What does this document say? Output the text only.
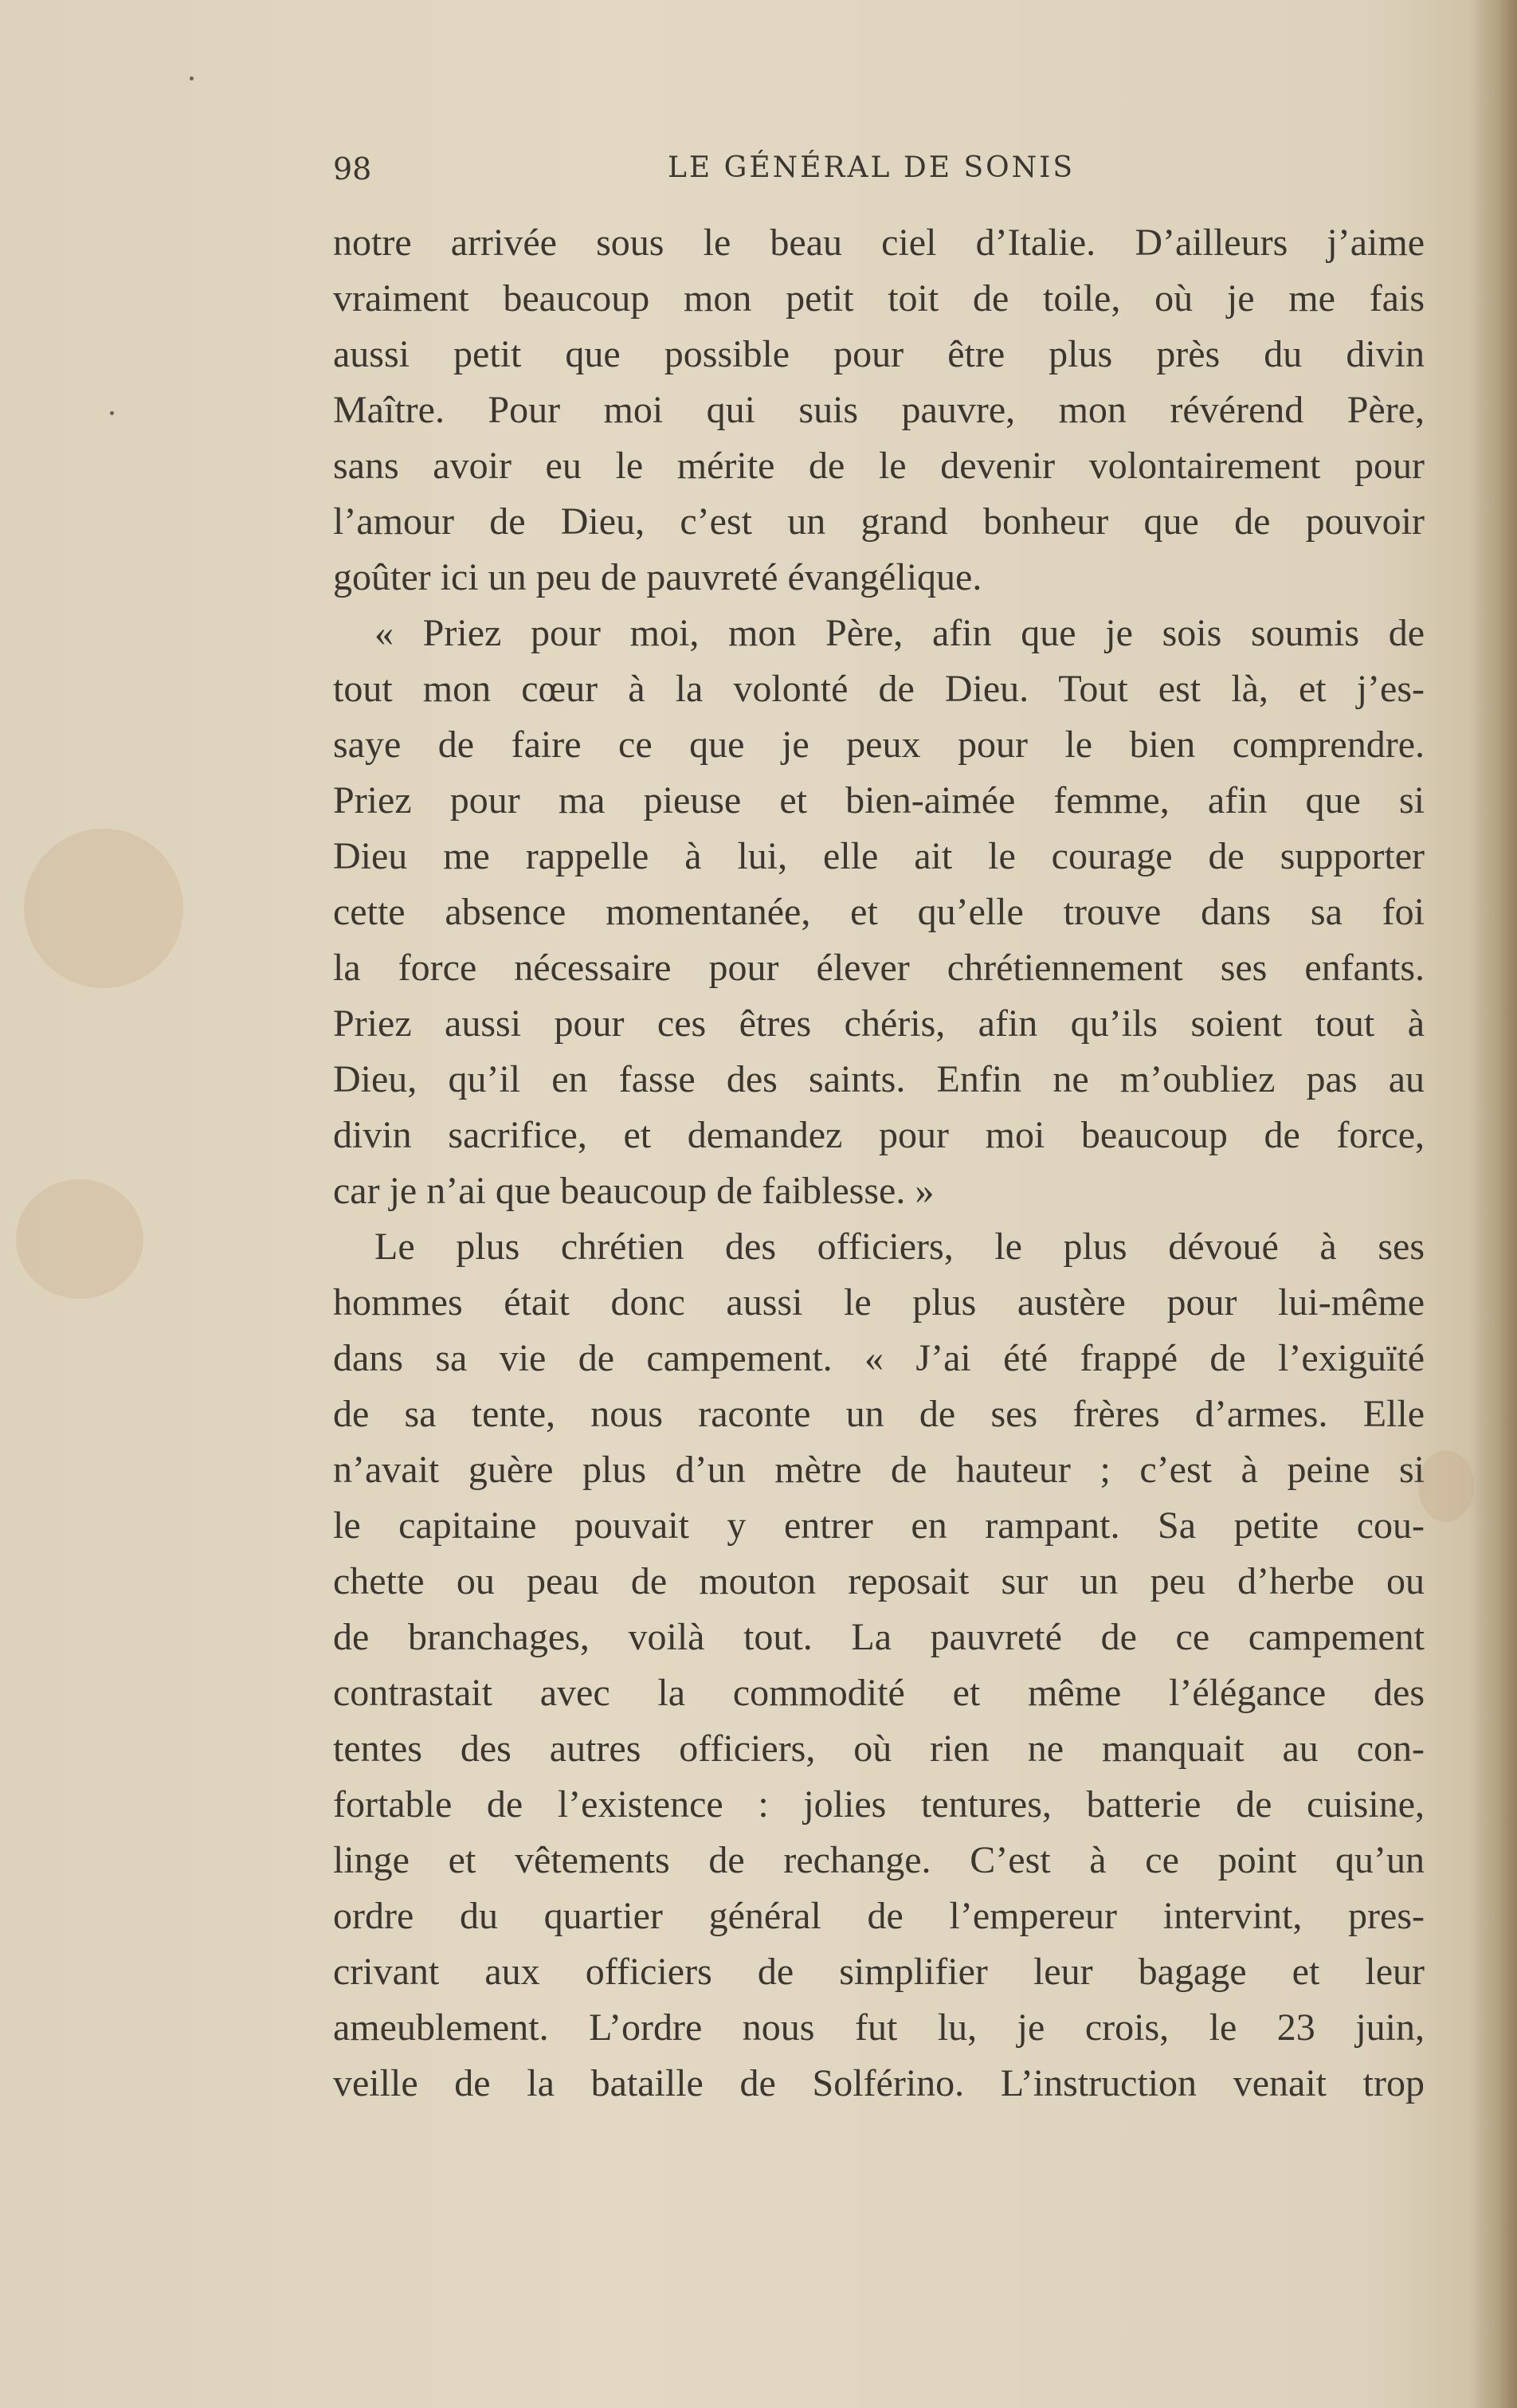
98	LE GÉNÉRAL DE SONIS
notre arrivée sous le beau ciel d’Italie. D’ailleurs j’aime
vraiment beaucoup mon petit toit de toile, où je me fais
aussi petit que possible pour être plus près du divin
Maître. Pour moi qui suis pauvre, mon révérend Père,
sans avoir eu le mérite de le devenir volontairement pour
l’amour de Dieu, c’est un grand bonheur que de pouvoir
goûter ici un peu de pauvreté évangélique.
« Priez pour moi, mon Père, afin que je sois soumis de
tout mon cœur à la volonté de Dieu. Tout est là, et j’es-
saye de faire ce que je peux pour le bien comprendre.
Priez pour ma pieuse et bien-aimée femme, afin que si
Dieu me rappelle à lui, elle ait le courage de supporter
cette absence momentanée, et qu’elle trouve dans sa foi
la force nécessaire pour élever chrétiennement ses enfants.
Priez aussi pour ces êtres chéris, afin qu’ils soient tout à
Dieu, qu’il en fasse des saints. Enfin ne m’oubliez pas au
divin sacrifice, et demandez pour moi beaucoup de force,
car je n’ai que beaucoup de faiblesse. »
Le plus chrétien des officiers, le plus dévoué à ses
hommes était donc aussi le plus austère pour lui-même
dans sa vie de campement. « J’ai été frappé de l’exiguïté
de sa tente, nous raconte un de ses frères d’armes. Elle
n’avait guère plus d’un mètre de hauteur ; c’est à peine si
le capitaine pouvait y entrer en rampant. Sa petite cou-
chette ou peau de mouton reposait sur un peu d’herbe ou
de branchages, voilà tout. La pauvreté de ce campement
contrastait avec la commodité et même l’élégance des
tentes des autres officiers, où rien ne manquait au con-
fortable de l’existence : jolies tentures, batterie de cuisine,
linge et vêtements de rechange. C’est à ce point qu’un
ordre du quartier général de l’empereur intervint, pres-
crivant aux officiers de simplifier leur bagage et leur
ameublement. L’ordre nous fut lu, je crois, le 23 juin,
veille de la bataille de Solférino. L’instruction venait trop
